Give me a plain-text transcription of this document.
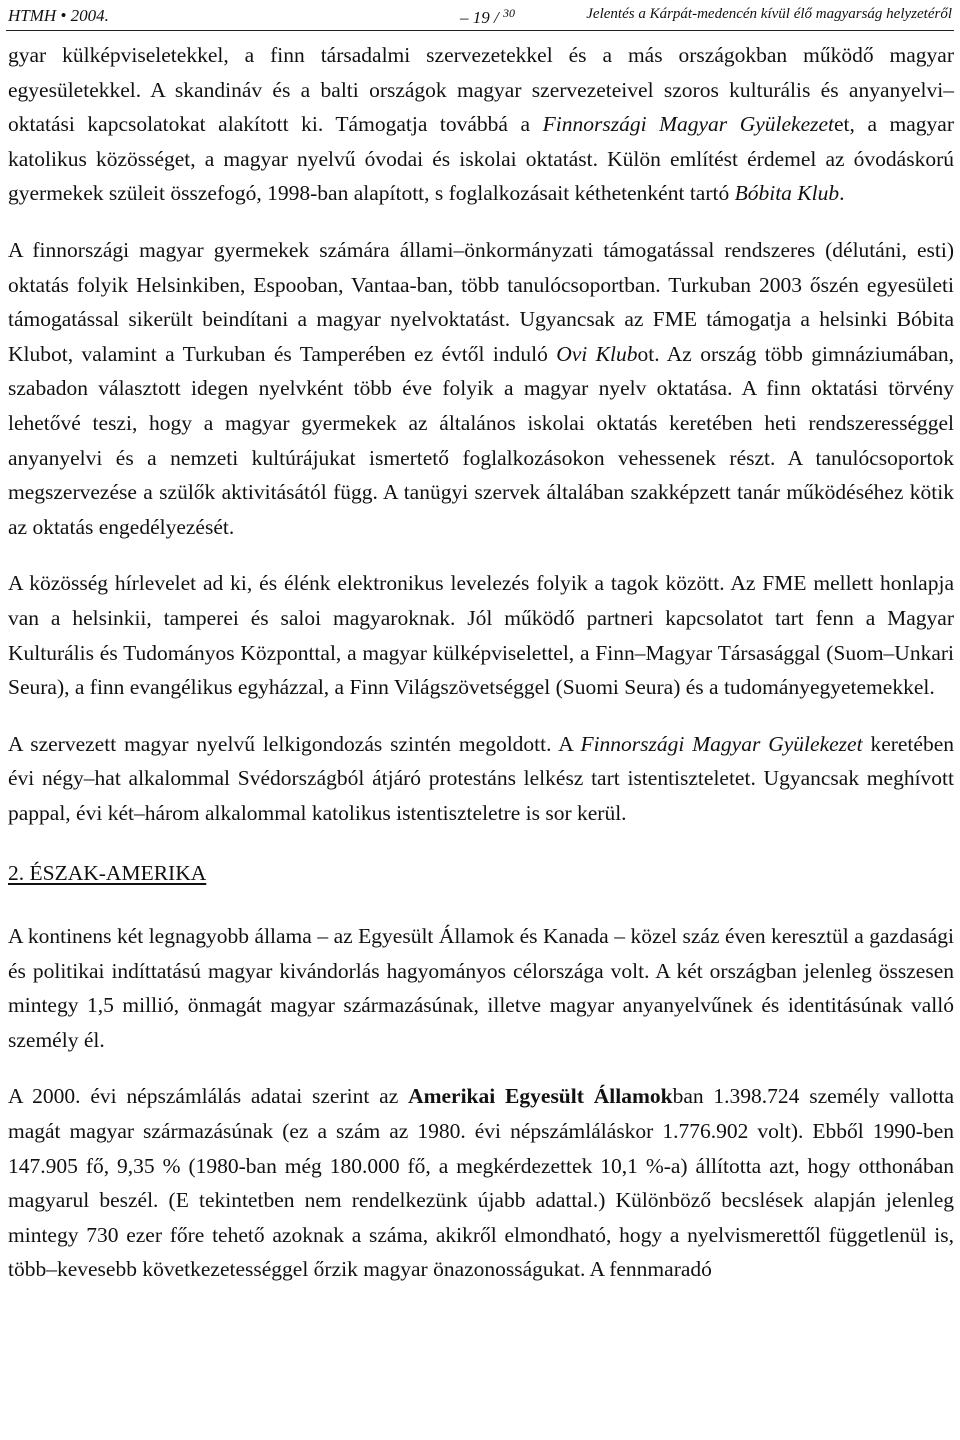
HTMH • 2004.	– 19 / $^{30}$	Jelentés a Kárpát-medencén kívül élő magyarság helyzetéről

gyar külképviseletekkel, a finn társadalmi szervezetekkel és a más országokban működő magyar egyesületekkel. A skandináv és a balti országok magyar szervezeteivel szoros kulturális és anyanyelvi–oktatási kapcsolatokat alakított ki. Támogatja továbbá a Finnországi Magyar Gyülekezetet, a magyar katolikus közösséget, a magyar nyelvű óvodai és iskolai oktatást. Külön említést érdemel az óvodáskorú gyermekek szüleit összefogó, 1998-ban alapított, s foglalkozásait kéthetenként tartó Bóbita Klub.

A finnországi magyar gyermekek számára állami–önkormányzati támogatással rendszeres (délutáni, esti) oktatás folyik Helsinkiben, Espooban, Vantaa-ban, több tanulócsoportban. Turkuban 2003 őszén egyesületi támogatással sikerült beindítani a magyar nyelvoktatást. Ugyancsak az FME támogatja a helsinki Bóbita Klubot, valamint a Turkuban és Tamperében ez évtől induló Ovi Klubot. Az ország több gimnáziumában, szabadon választott idegen nyelvként több éve folyik a magyar nyelv oktatása. A finn oktatási törvény lehetővé teszi, hogy a magyar gyermekek az általános iskolai oktatás keretében heti rendszerességgel anyanyelvi és a nemzeti kultúrájukat ismertető foglalkozásokon vehessenek részt. A tanulócsoportok megszervezése a szülők aktivitásától függ. A tanügyi szervek általában szakképzett tanár működéséhez kötik az oktatás engedélyezését.

A közösség hírlevelet ad ki, és élénk elektronikus levelezés folyik a tagok között. Az FME mellett honlapja van a helsinkii, tamperei és saloi magyaroknak. Jól működő partneri kapcsolatot tart fenn a Magyar Kulturális és Tudományos Központtal, a magyar külképviselettel, a Finn–Magyar Társasággal (Suom–Unkari Seura), a finn evangélikus egyházzal, a Finn Világszövetséggel (Suomi Seura) és a tudományegyetemekkel.

A szervezett magyar nyelvű lelkigondozás szintén megoldott. A Finnországi Magyar Gyülekezet keretében évi négy–hat alkalommal Svédországból átjáró protestáns lelkész tart istentiszteletet. Ugyancsak meghívott pappal, évi két–három alkalommal katolikus istentiszteletre is sor kerül.

2. ÉSZAK-AMERIKA

A kontinens két legnagyobb állama – az Egyesült Államok és Kanada – közel száz éven keresztül a gazdasági és politikai indíttatású magyar kivándorlás hagyományos célországa volt. A két országban jelenleg összesen mintegy 1,5 millió, önmagát magyar származásúnak, illetve magyar anyanyelvűnek és identitásúnak valló személy él.

A 2000. évi népszámlálás adatai szerint az Amerikai Egyesült Államokban 1.398.724 személy vallotta magát magyar származásúnak (ez a szám az 1980. évi népszámláláskor 1.776.902 volt). Ebből 1990-ben 147.905 fő, 9,35 % (1980-ban még 180.000 fő, a megkérdezettek 10,1 %-a) állította azt, hogy otthonában magyarul beszél. (E tekintetben nem rendelkezünk újabb adattal.) Különböző becslések alapján jelenleg mintegy 730 ezer főre tehető azoknak a száma, akikről elmondható, hogy a nyelvismerettől függetlenül is, több–kevesebb következetességgel őrzik magyar önazonosságukat. A fennmaradó
